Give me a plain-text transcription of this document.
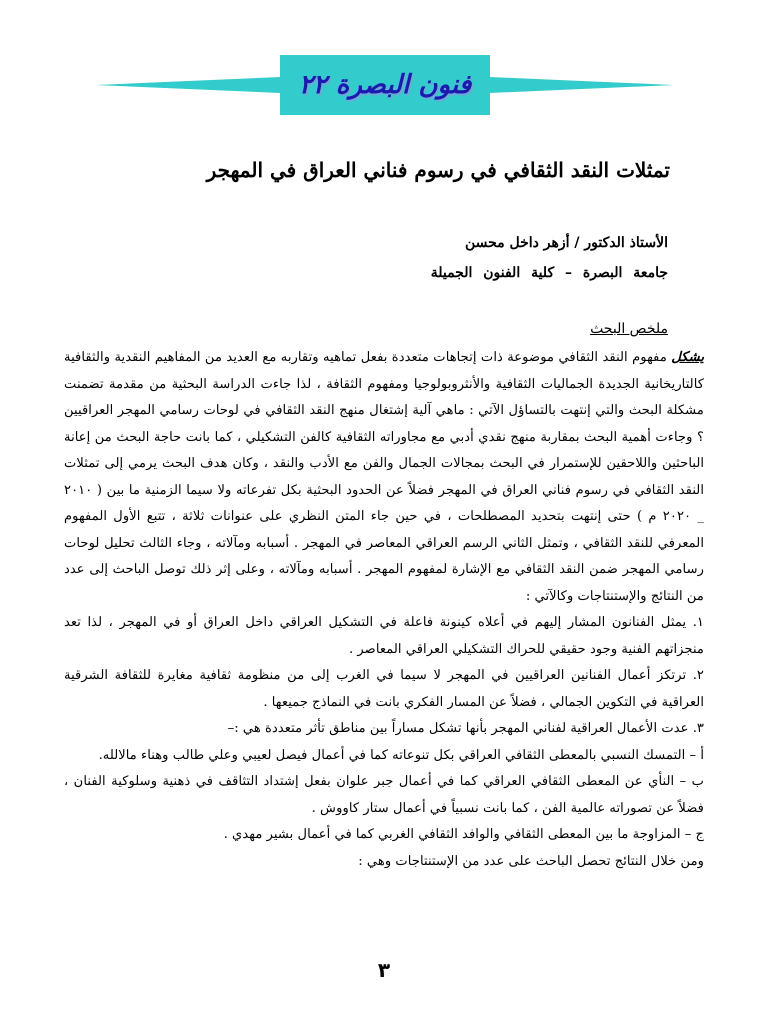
فنون البصرة ٢٢
تمثلات النقد الثقافي في رسوم فناني العراق في المهجر
الأستاذ الدكتور / أزهر داخل محسن
جامعة البصرة – كلية الفنون الجميلة
ملخص البحث

يشكل مفهوم النقد الثقافي موضوعة ذات إتجاهات متعددة بفعل تماهيه وتقاربه مع العديد من المفاهيم النقدية والثقافية كالتاريخانية الجديدة الجماليات الثقافية والأنثروبولوجيا ومفهوم الثقافة ، لذا جاءت الدراسة البحثية من مقدمة تضمنت مشكلة البحث والتي إنتهت بالتساؤل الآتي : ماهي آلية إشتغال منهج النقد الثقافي في لوحات رسامي المهجر العراقيين ؟ وجاءت أهمية البحث بمقاربة منهج نقدي أدبي مع مجاوراته الثقافية كالفن التشكيلي ، كما بانت حاجة البحث من إعانة الباحثين واللاحقين للإستمرار في البحث بمجالات الجمال والفن مع الأدب والنقد ، وكان هدف البحث يرمي إلى تمثلات النقد الثقافي في رسوم فناني العراق في المهجر فضلاً عن الحدود البحثية بكل تفرعاته ولا سيما الزمنية ما بين ( ٢٠١٠ _ ٢٠٢٠ م ) حتى إنتهت بتحديد المصطلحات ، في حين جاء المتن النظري على عنوانات ثلاثة ، تتبع الأول المفهوم المعرفي للنقد الثقافي ، وتمثل الثاني الرسم العراقي المعاصر في المهجر . أسبابه ومآلاته ، وجاء الثالث تحليل لوحات رسامي المهجر ضمن النقد الثقافي مع الإشارة لمفهوم المهجر . أسبابه ومآلاته ، وعلى إثر ذلك توصل الباحث إلى عدد من النتائج والإستنتاجات وكالآتي :

١. يمثل الفنانون المشار إليهم في أعلاه كينونة فاعلة في التشكيل العراقي داخل العراق أو في المهجر ، لذا تعد منجزاتهم الفنية وجود حقيقي للحراك التشكيلي العراقي المعاصر .

٢. ترتكز أعمال الفنانين العراقيين في المهجر لا سيما في الغرب إلى من منظومة ثقافية مغايرة للثقافة الشرقية العراقية في التكوين الجمالي ، فضلاً عن المسار الفكري بانت في النماذج جميعها .

٣. عدت الأعمال العراقية لفناني المهجر بأنها تشكل مساراً بين مناطق تأثر متعددة هي :–

أ – التمسك النسبي بالمعطى الثقافي العراقي بكل تنوعاته كما في أعمال فيصل لعيبي وعلي طالب وهناء مالالله.

ب – النأي عن المعطى الثقافي العراقي كما في أعمال جبر علوان بفعل إشتداد التثاقف في ذهنية وسلوكية الفنان ، فضلاً عن تصوراته عالمية الفن ، كما بانت نسبياً في أعمال ستار كاووش .

ج – المزاوجة ما بين المعطى الثقافي والوافد الثقافي الغربي كما في أعمال بشير مهدي .

ومن خلال النتائج تحصل الباحث على عدد من الإستنتاجات وهي :

٣
